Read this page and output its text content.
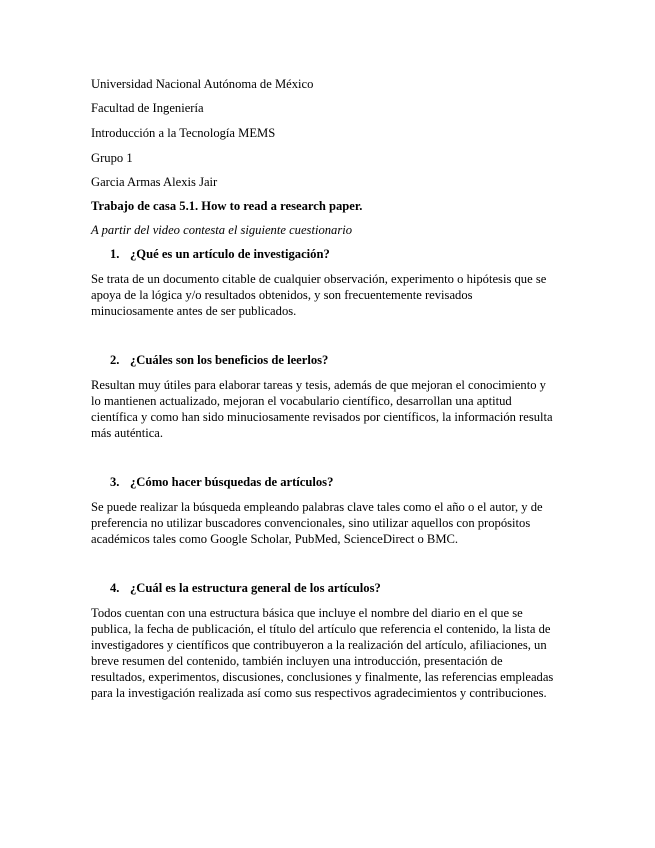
Universidad Nacional Autónoma de México
Facultad de Ingeniería
Introducción a la Tecnología MEMS
Grupo 1
Garcia Armas Alexis Jair
Trabajo de casa 5.1. How to read a research paper.
A partir del video contesta el siguiente cuestionario
1. ¿Qué es un artículo de investigación?
Se trata de un documento citable de cualquier observación, experimento o hipótesis que se
apoya de la lógica y/o resultados obtenidos, y son frecuentemente revisados
minuciosamente antes de ser publicados.
2. ¿Cuáles son los beneficios de leerlos?
Resultan muy útiles para elaborar tareas y tesis, además de que mejoran el conocimiento y
lo mantienen actualizado, mejoran el vocabulario científico, desarrollan una aptitud
científica y como han sido minuciosamente revisados por científicos, la información resulta
más auténtica.
3. ¿Cómo hacer búsquedas de artículos?
Se puede realizar la búsqueda empleando palabras clave tales como el año o el autor, y de
preferencia no utilizar buscadores convencionales, sino utilizar aquellos con propósitos
académicos tales como Google Scholar, PubMed, ScienceDirect o BMC.
4. ¿Cuál es la estructura general de los artículos?
Todos cuentan con una estructura básica que incluye el nombre del diario en el que se
publica, la fecha de publicación, el título del artículo que referencia el contenido, la lista de
investigadores y científicos que contribuyeron a la realización del artículo, afiliaciones, un
breve resumen del contenido, también incluyen una introducción, presentación de
resultados, experimentos, discusiones, conclusiones y finalmente, las referencias empleadas
para la investigación realizada así como sus respectivos agradecimientos y contribuciones.
